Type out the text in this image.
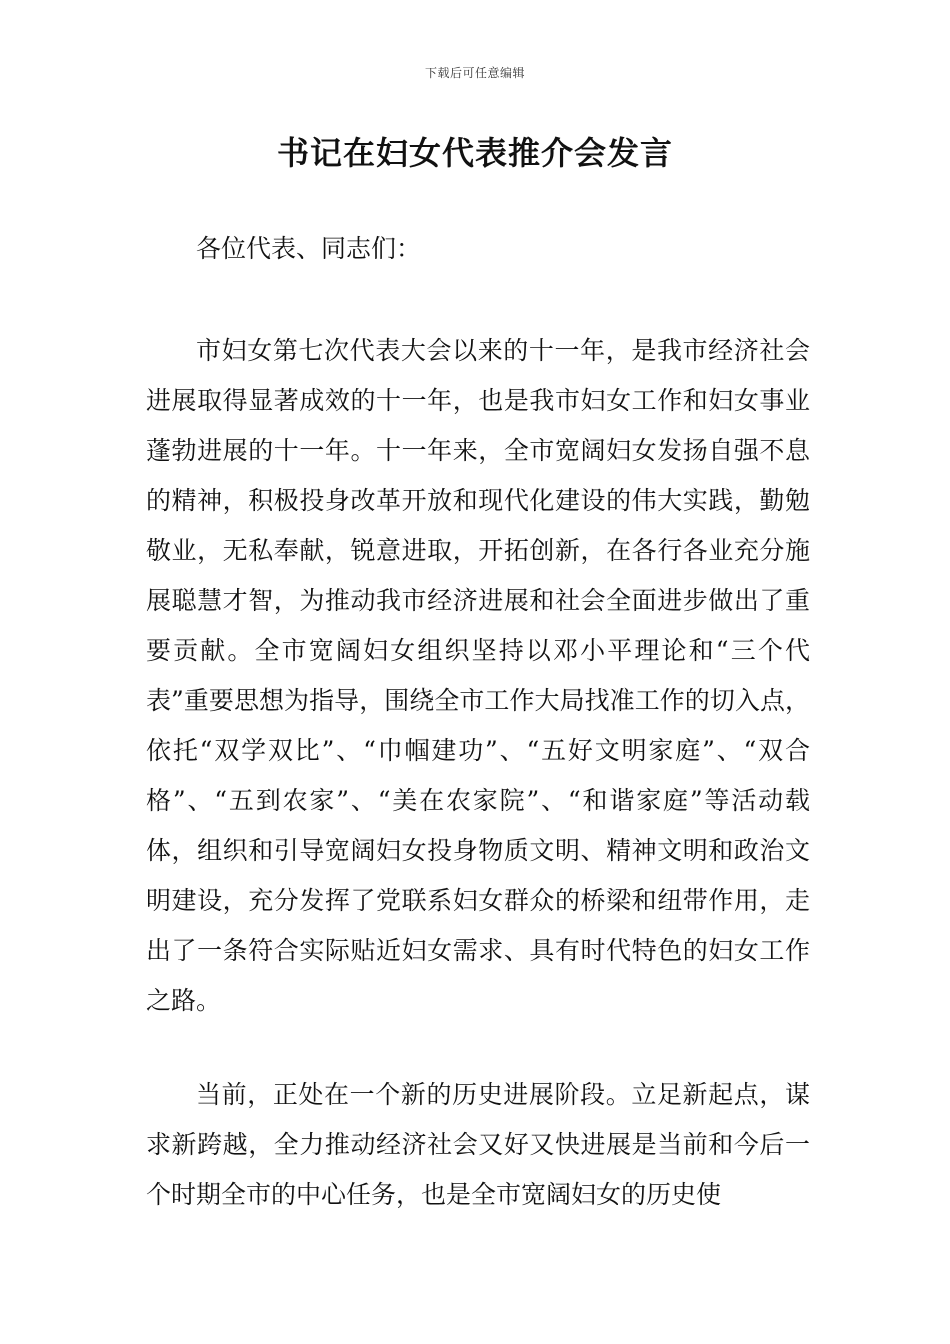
下载后可任意编辑
书记在妇女代表推介会发言

各位代表、同志们：

市妇女第七次代表大会以来的十一年，是我市经济社会进展取得显著成效的十一年，也是我市妇女工作和妇女事业蓬勃进展的十一年。十一年来，全市宽阔妇女发扬自强不息的精神，积极投身改革开放和现代化建设的伟大实践，勤勉敬业，无私奉献，锐意进取，开拓创新，在各行各业充分施展聪慧才智，为推动我市经济进展和社会全面进步做出了重要贡献。全市宽阔妇女组织坚持以邓小平理论和“三个代表”重要思想为指导，围绕全市工作大局找准工作的切入点，依托“双学双比”、“巾帼建功”、“五好文明家庭”、“双合格”、“五到农家”、“美在农家院”、“和谐家庭”等活动载体，组织和引导宽阔妇女投身物质文明、精神文明和政治文明建设，充分发挥了党联系妇女群众的桥梁和纽带作用，走出了一条符合实际贴近妇女需求、具有时代特色的妇女工作之路。

当前，正处在一个新的历史进展阶段。立足新起点，谋求新跨越，全力推动经济社会又好又快进展是当前和今后一个时期全市的中心任务，也是全市宽阔妇女的历史使
